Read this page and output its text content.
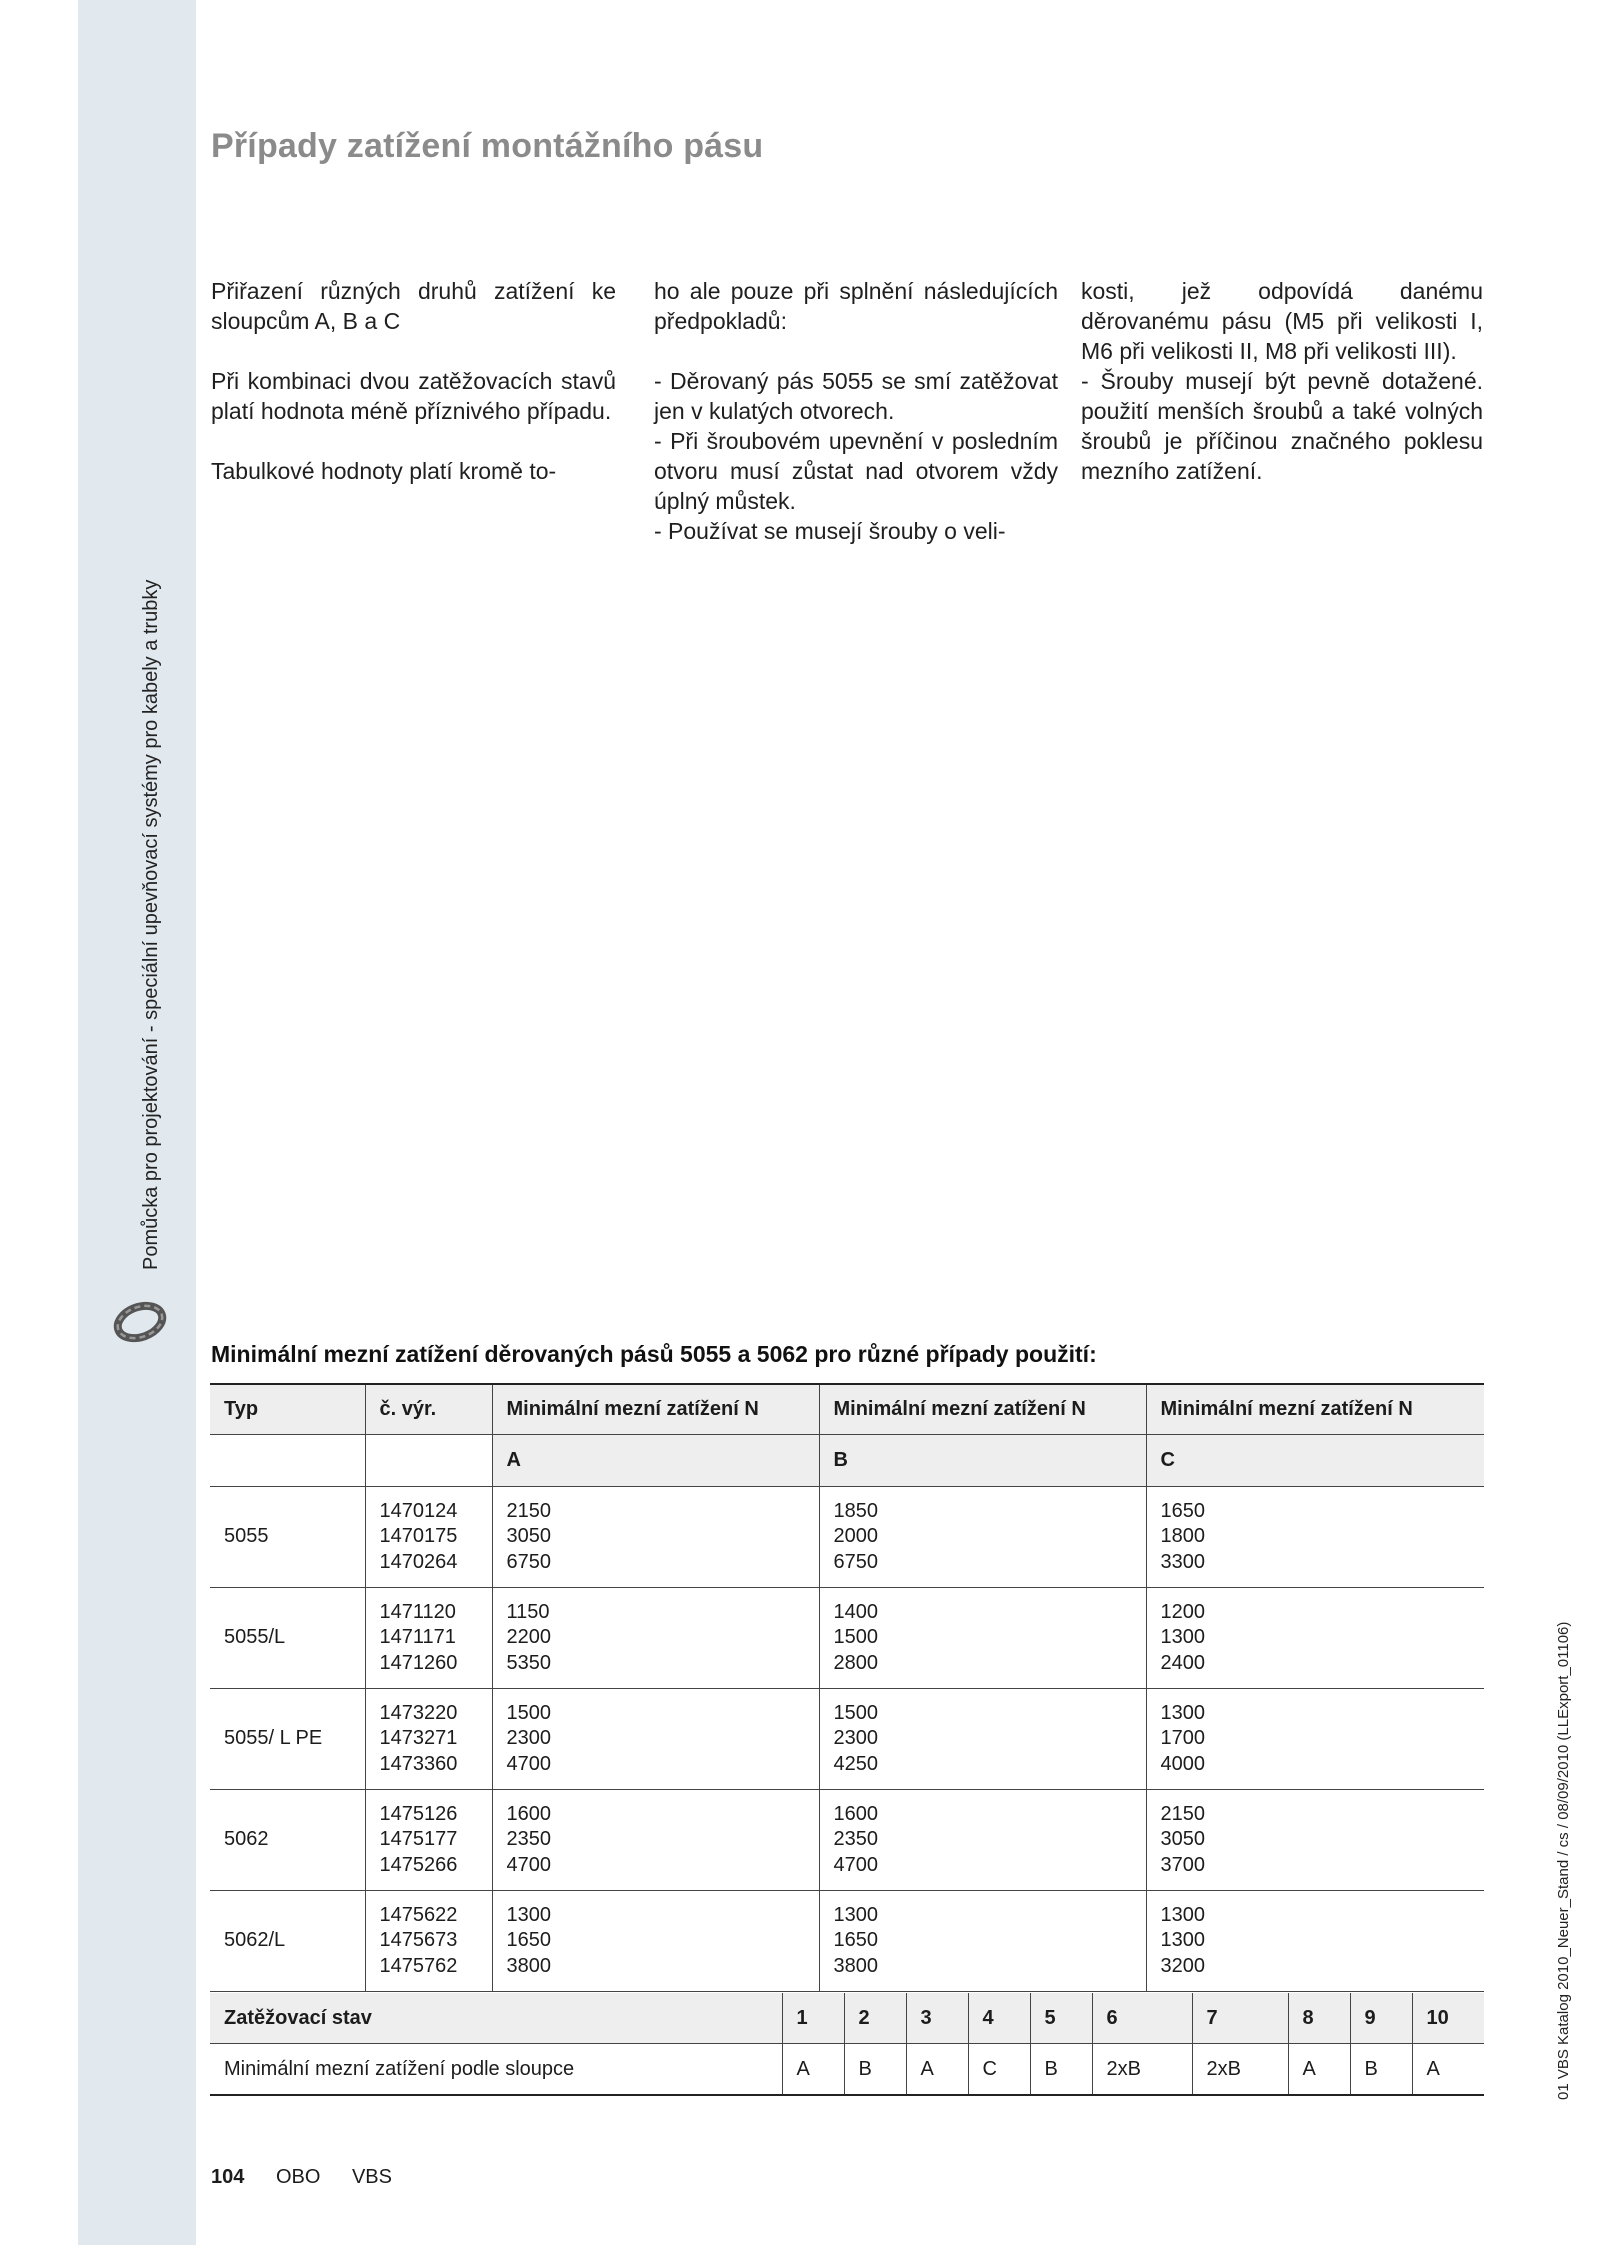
Pomůcka pro projektování - speciální upevňovací systémy pro kabely a trubky
Případy zatížení montážního pásu

Přiřazení různých druhů zatížení ke sloupcům A, B a C

Při kombinaci dvou zatěžovacích stavů platí hodnota méně příznivého případu.

Tabulkové hodnoty platí kromě to-

ho ale pouze při splnění následujících předpokladů:

- Děrovaný pás 5055 se smí zatěžovat jen v kulatých otvorech.

- Při šroubovém upevnění v posledním otvoru musí zůstat nad otvorem vždy úplný můstek.

- Používat se musejí šrouby o veli-

kosti, jež odpovídá danému děrovanému pásu (M5 při velikosti I, M6 při velikosti II, M8 při velikosti III).

- Šrouby musejí být pevně dotažené. použití menších šroubů a také volných šroubů je příčinou značného poklesu mezního zatížení.

Minimální mezní zatížení děrovaných pásů 5055 a 5062 pro různé případy použití:
Typ	č. výr.	Minimální mezní zatížení N	Minimální mezní zatížení N	Minimální mezní zatížení N
		A	B	C
5055	1470124
1470175
1470264	2150
3050
6750	1850
2000
6750	1650
1800
3300
5055/L	1471120
1471171
1471260	1150
2200
5350	1400
1500
2800	1200
1300
2400
5055/ L PE	1473220
1473271
1473360	1500
2300
4700	1500
2300
4250	1300
1700
4000
5062	1475126
1475177
1475266	1600
2350
4700	1600
2350
4700	2150
3050
3700
5062/L	1475622
1475673
1475762	1300
1650
3800	1300
1650
3800	1300
1300
3200
Zatěžovací stav	1	2	3	4	5	6	7	8	9	10
Minimální mezní zatížení podle sloupce	A	B	A	C	B	2xB	2xB	A	B	A
104 OBO VBS
01 VBS Katalog 2010_Neuer_Stand / cs / 08/09/2010 (LLExport_01106)
